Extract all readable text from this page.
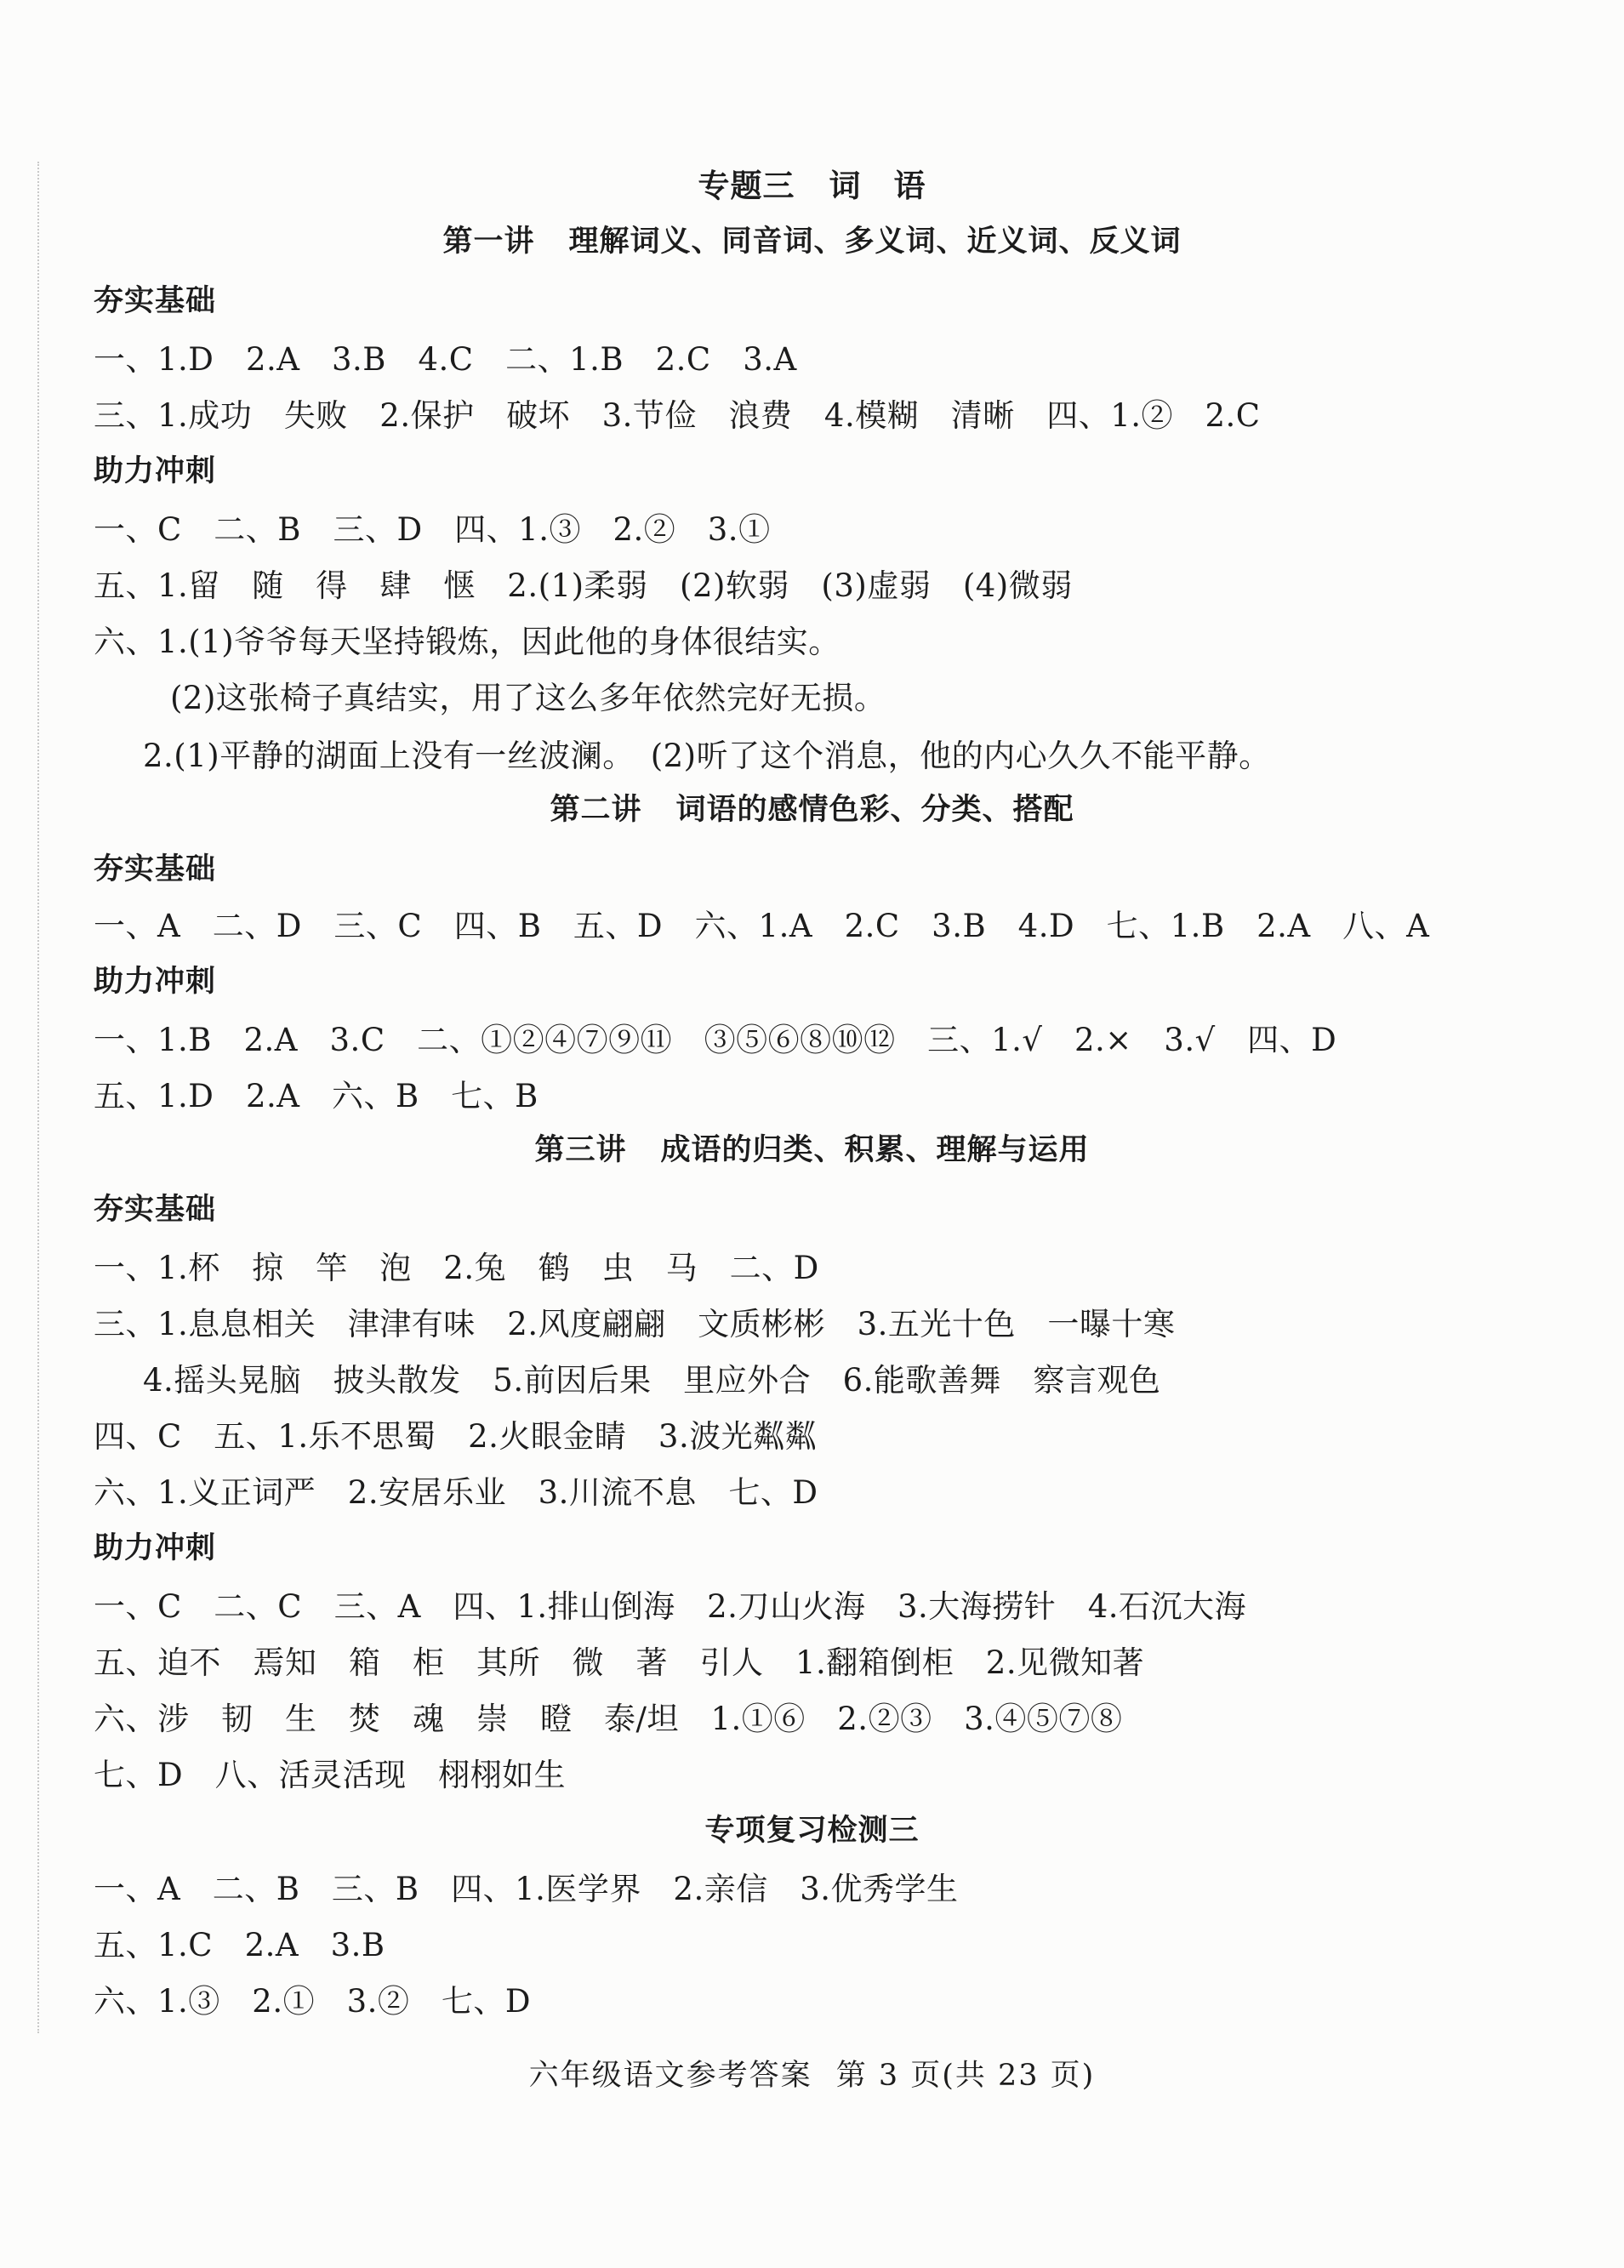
专题三 词　语
第一讲 理解词义、同音词、多义词、近义词、反义词
夯实基础
一、1.D　2.A　3.B　4.C　二、1.B　2.C　3.A
三、1.成功　失败　2.保护　破坏　3.节俭　浪费　4.模糊　清晰　四、1.②　2.C
助力冲刺
一、C　二、B　三、D　四、1.③　2.②　3.①
五、1.留　随　得　肆　惬　2.(1)柔弱　(2)软弱　(3)虚弱　(4)微弱
六、1.(1)爷爷每天坚持锻炼，因此他的身体很结实。
(2)这张椅子真结实，用了这么多年依然完好无损。
2.(1)平静的湖面上没有一丝波澜。　(2)听了这个消息，他的内心久久不能平静。
第二讲 词语的感情色彩、分类、搭配
夯实基础
一、A　二、D　三、C　四、B　五、D　六、1.A　2.C　3.B　4.D　七、1.B　2.A　八、A
助力冲刺
一、1.B　2.A　3.C　二、①②④⑦⑨⑪　③⑤⑥⑧⑩⑫　三、1.√　2.×　3.√　四、D
五、1.D　2.A　六、B　七、B
第三讲 成语的归类、积累、理解与运用
夯实基础
一、1.杯　掠　竿　泡　2.兔　鹤　虫　马　二、D
三、1.息息相关　津津有味　2.风度翩翩　文质彬彬　3.五光十色　一曝十寒
4.摇头晃脑　披头散发　5.前因后果　里应外合　6.能歌善舞　察言观色
四、C　五、1.乐不思蜀　2.火眼金睛　3.波光粼粼
六、1.义正词严　2.安居乐业　3.川流不息　七、D
助力冲刺
一、C　二、C　三、A　四、1.排山倒海　2.刀山火海　3.大海捞针　4.石沉大海
五、迫不　焉知　箱　柜　其所　微　著　引人　1.翻箱倒柜　2.见微知著
六、涉　韧　生　焚　魂　崇　瞪　泰/坦　1.①⑥　2.②③　3.④⑤⑦⑧
七、D　八、活灵活现　栩栩如生
专项复习检测三
一、A　二、B　三、B　四、1.医学界　2.亲信　3.优秀学生
五、1.C　2.A　3.B
六、1.③　2.①　3.②　七、D
六年级语文参考答案 第 3 页(共 23 页)
